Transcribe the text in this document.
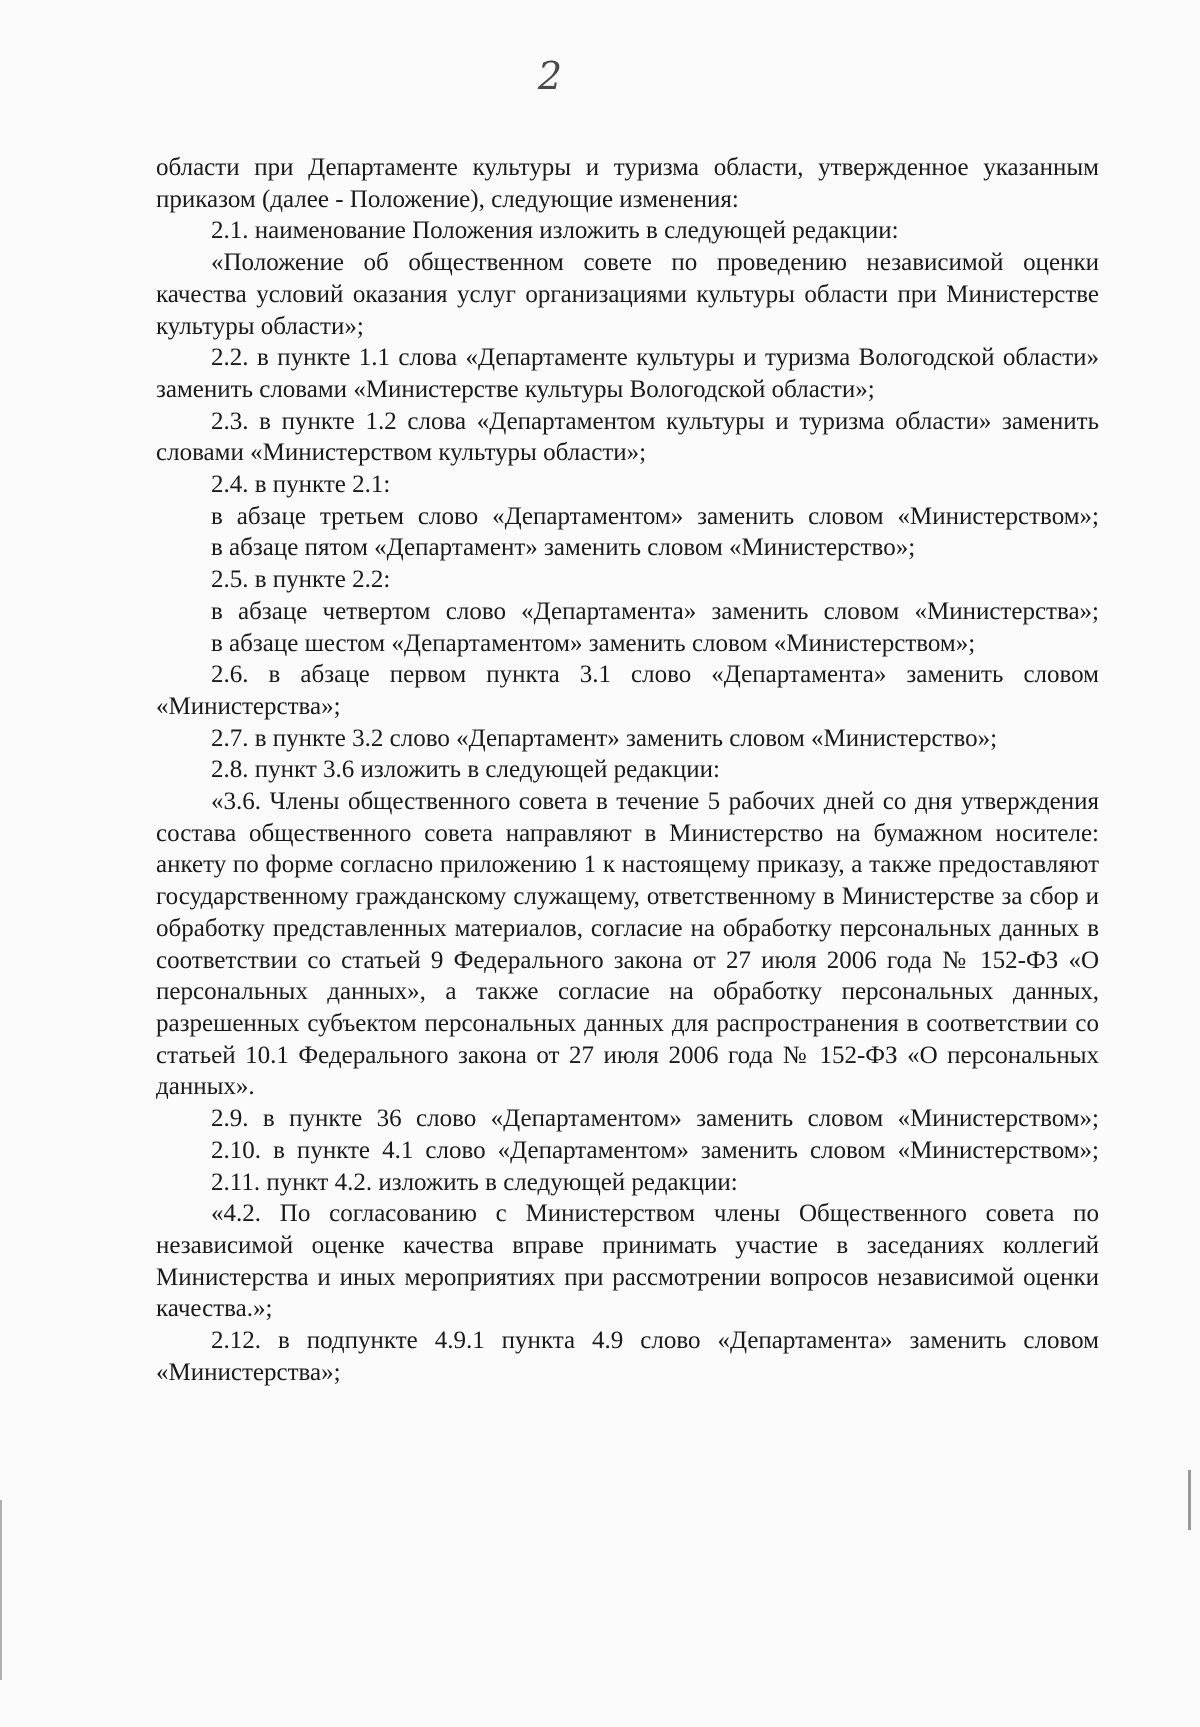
2

области при Департаменте культуры и туризма области, утвержденное указанным приказом (далее - Положение), следующие изменения:

2.1. наименование Положения изложить в следующей редакции:

«Положение об общественном совете по проведению независимой оценки качества условий оказания услуг организациями культуры области при Министерстве культуры области»;

2.2. в пункте 1.1 слова «Департаменте культуры и туризма Вологодской области» заменить словами «Министерстве культуры Вологодской области»;

2.3. в пункте 1.2 слова «Департаментом культуры и туризма области» заменить словами «Министерством культуры области»;

2.4. в пункте 2.1:

в абзаце третьем слово «Департаментом» заменить словом «Министерством»;

в абзаце пятом «Департамент» заменить словом «Министерство»;

2.5. в пункте 2.2:

в абзаце четвертом слово «Департамента» заменить словом «Министерства»;

в абзаце шестом «Департаментом» заменить словом «Министерством»;

2.6. в абзаце первом пункта 3.1 слово «Департамента» заменить словом «Министерства»;

2.7. в пункте 3.2 слово «Департамент» заменить словом «Министерство»;

2.8. пункт 3.6 изложить в следующей редакции:

«3.6. Члены общественного совета в течение 5 рабочих дней со дня утверждения состава общественного совета направляют в Министерство на бумажном носителе: анкету по форме согласно приложению 1 к настоящему приказу, а также предоставляют государственному гражданскому служащему, ответственному в Министерстве за сбор и обработку представленных материалов, согласие на обработку персональных данных в соответствии со статьей 9 Федерального закона от 27 июля 2006 года № 152-ФЗ «О персональных данных», а также согласие на обработку персональных данных, разрешенных субъектом персональных данных для распространения в соответствии со статьей 10.1 Федерального закона от 27 июля 2006 года № 152-ФЗ «О персональных данных».

2.9. в пункте 36 слово «Департаментом» заменить словом «Министерством»;

2.10. в пункте 4.1 слово «Департаментом» заменить словом «Министерством»;

2.11. пункт 4.2. изложить в следующей редакции:

«4.2. По согласованию с Министерством члены Общественного совета по независимой оценке качества вправе принимать участие в заседаниях коллегий Министерства и иных мероприятиях при рассмотрении вопросов независимой оценки качества.»;

2.12. в подпункте 4.9.1 пункта 4.9 слово «Департамента» заменить словом «Министерства»;
